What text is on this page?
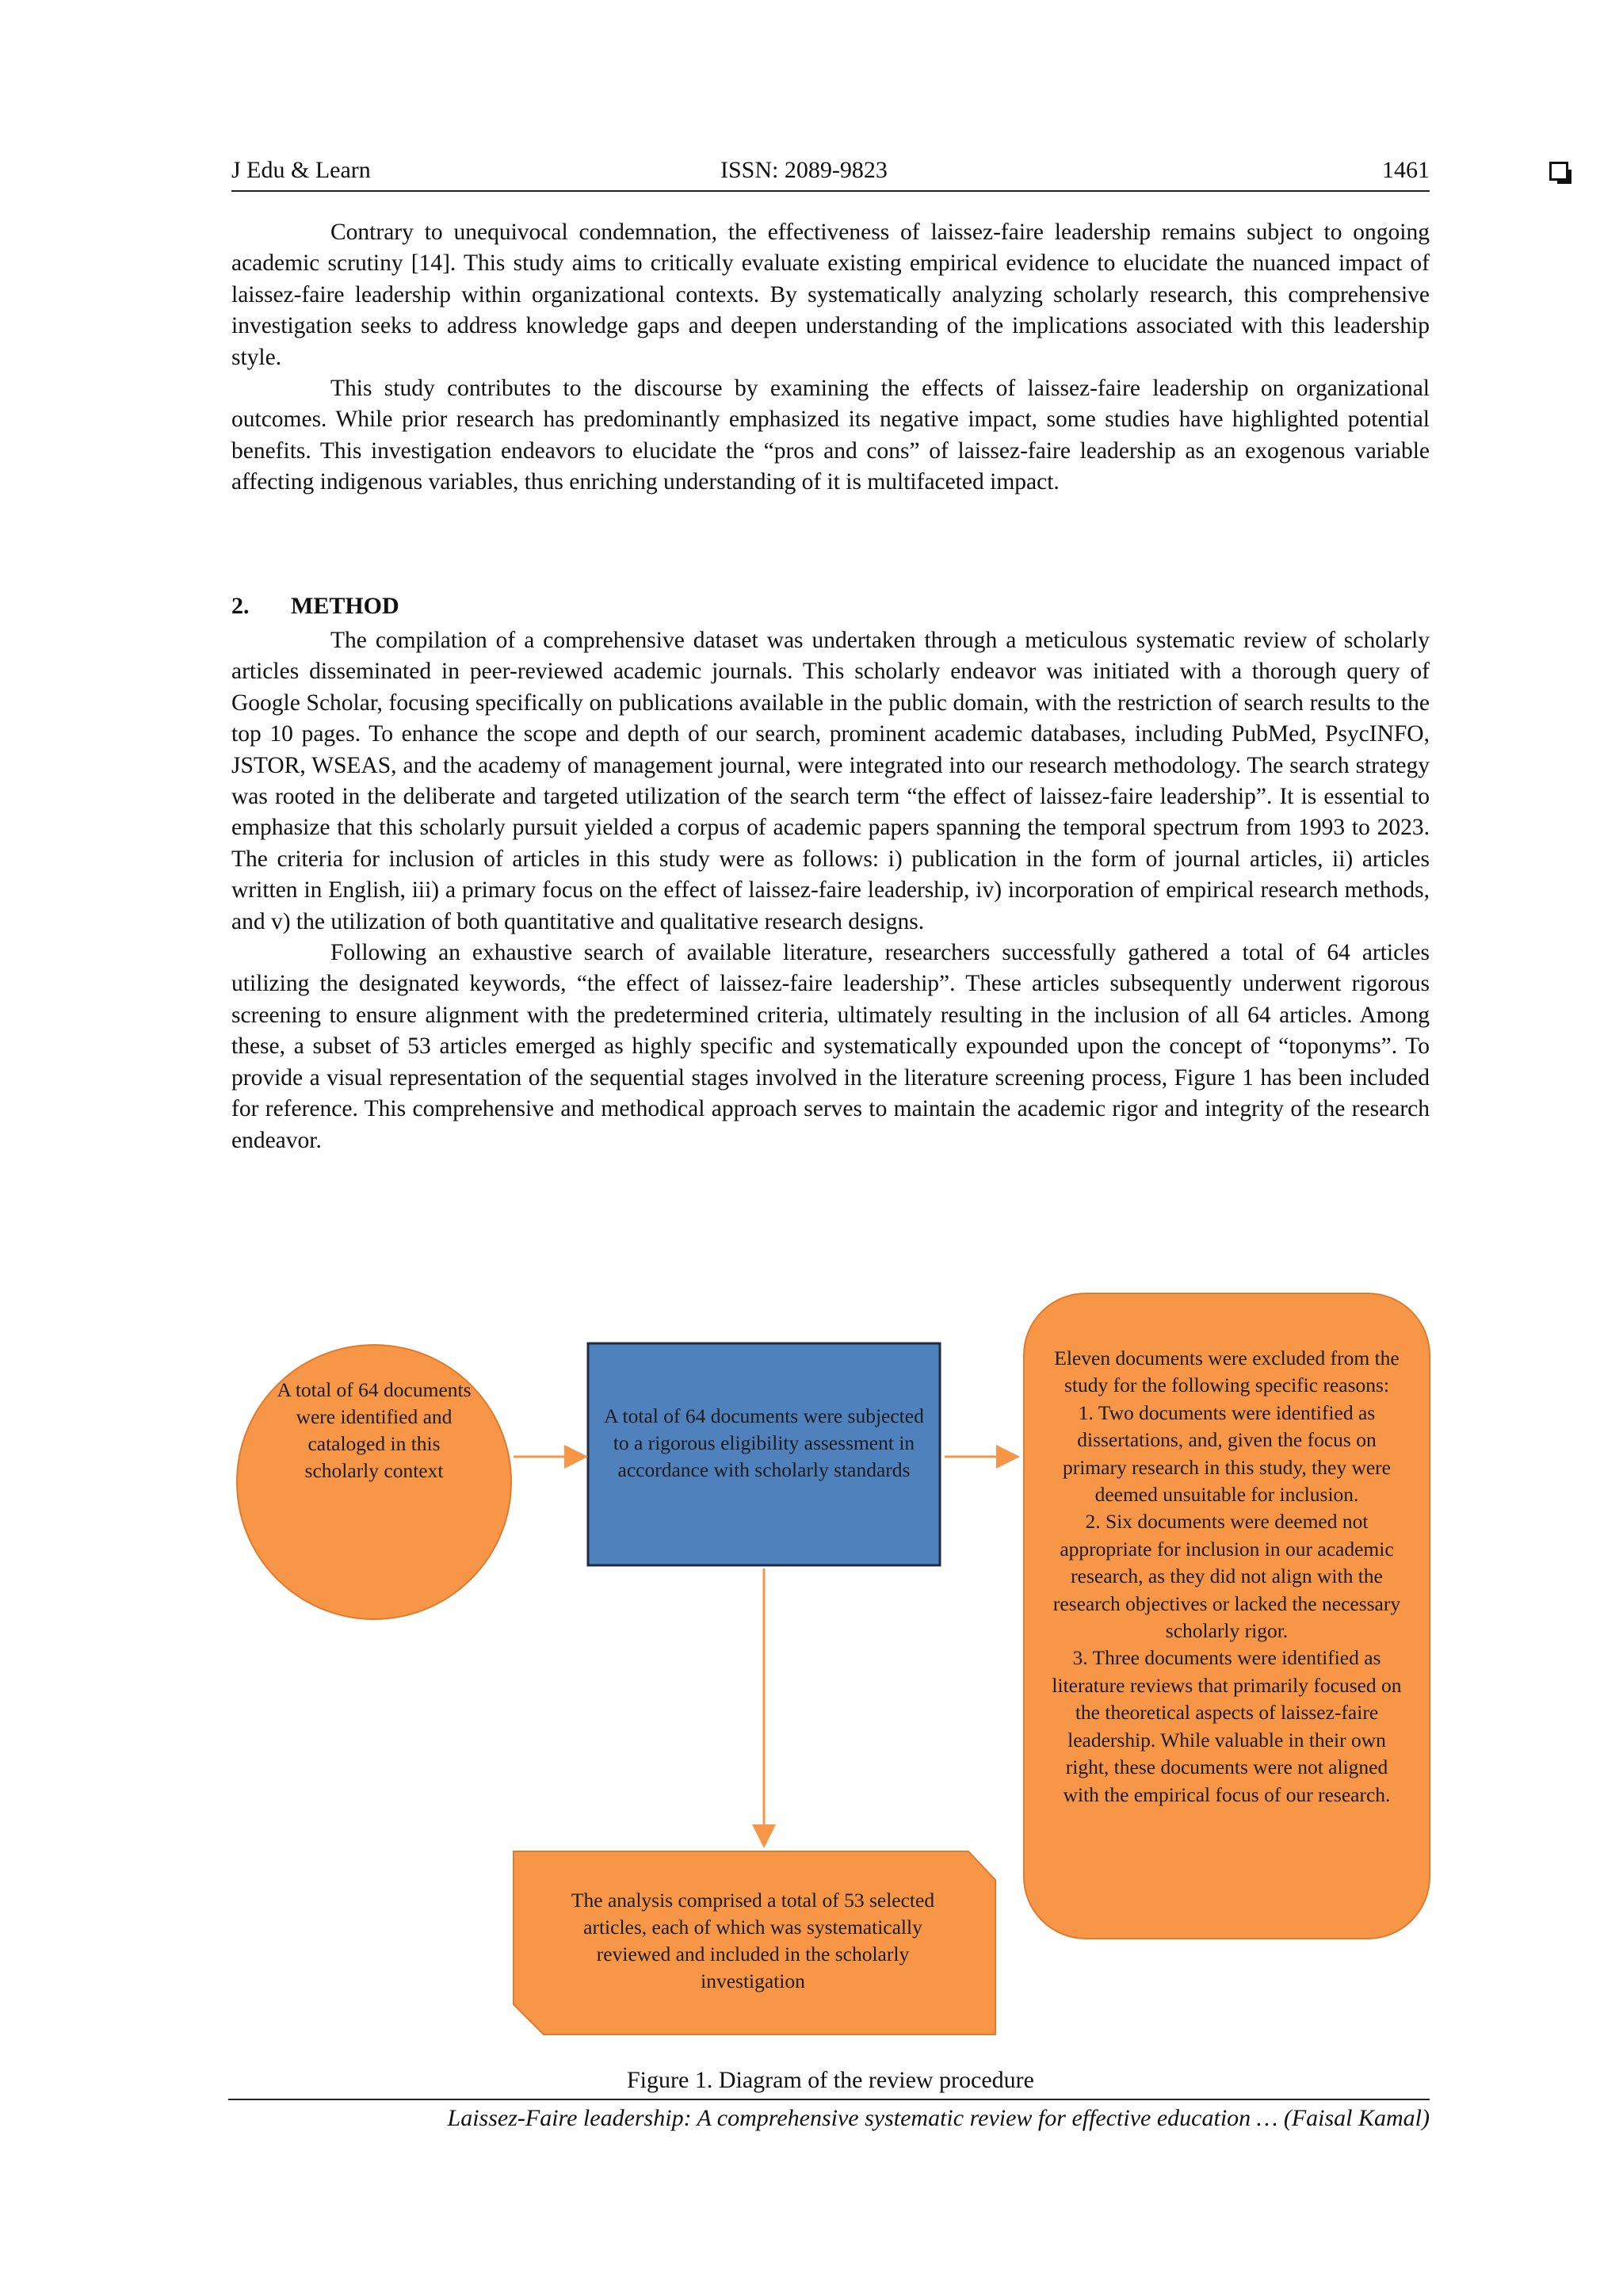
J Edu & Learn	ISSN: 2089-9823	1461

Contrary to unequivocal condemnation, the effectiveness of laissez-faire leadership remains subject to ongoing academic scrutiny [14]. This study aims to critically evaluate existing empirical evidence to elucidate the nuanced impact of laissez-faire leadership within organizational contexts. By systematically analyzing scholarly research, this comprehensive investigation seeks to address knowledge gaps and deepen understanding of the implications associated with this leadership style.

This study contributes to the discourse by examining the effects of laissez-faire leadership on organizational outcomes. While prior research has predominantly emphasized its negative impact, some studies have highlighted potential benefits. This investigation endeavors to elucidate the “pros and cons” of laissez-faire leadership as an exogenous variable affecting indigenous variables, thus enriching understanding of it is multifaceted impact.

2. METHOD

The compilation of a comprehensive dataset was undertaken through a meticulous systematic review of scholarly articles disseminated in peer-reviewed academic journals. This scholarly endeavor was initiated with a thorough query of Google Scholar, focusing specifically on publications available in the public domain, with the restriction of search results to the top 10 pages. To enhance the scope and depth of our search, prominent academic databases, including PubMed, PsycINFO, JSTOR, WSEAS, and the academy of management journal, were integrated into our research methodology. The search strategy was rooted in the deliberate and targeted utilization of the search term “the effect of laissez-faire leadership”. It is essential to emphasize that this scholarly pursuit yielded a corpus of academic papers spanning the temporal spectrum from 1993 to 2023. The criteria for inclusion of articles in this study were as follows: i) publication in the form of journal articles, ii) articles written in English, iii) a primary focus on the effect of laissez-faire leadership, iv) incorporation of empirical research methods, and v) the utilization of both quantitative and qualitative research designs.

Following an exhaustive search of available literature, researchers successfully gathered a total of 64 articles utilizing the designated keywords, “the effect of laissez-faire leadership”. These articles subsequently underwent rigorous screening to ensure alignment with the predetermined criteria, ultimately resulting in the inclusion of all 64 articles. Among these, a subset of 53 articles emerged as highly specific and systematically expounded upon the concept of “toponyms”. To provide a visual representation of the sequential stages involved in the literature screening process, Figure 1 has been included for reference. This comprehensive and methodical approach serves to maintain the academic rigor and integrity of the research endeavor.

A total of 64 documents were identified and cataloged in this scholarly context
A total of 64 documents were subjected to a rigorous eligibility assessment in accordance with scholarly standards
Eleven documents were excluded from the study for the following specific reasons:
1. Two documents were identified as dissertations, and, given the focus on primary research in this study, they were deemed unsuitable for inclusion.
2. Six documents were deemed not appropriate for inclusion in our academic research, as they did not align with the research objectives or lacked the necessary scholarly rigor.
3. Three documents were identified as literature reviews that primarily focused on the theoretical aspects of laissez-faire leadership. While valuable in their own right, these documents were not aligned with the empirical focus of our research.
The analysis comprised a total of 53 selected articles, each of which was systematically reviewed and included in the scholarly investigation
Figure 1. Diagram of the review procedure
Laissez-Faire leadership: A comprehensive systematic review for effective education … (Faisal Kamal)
